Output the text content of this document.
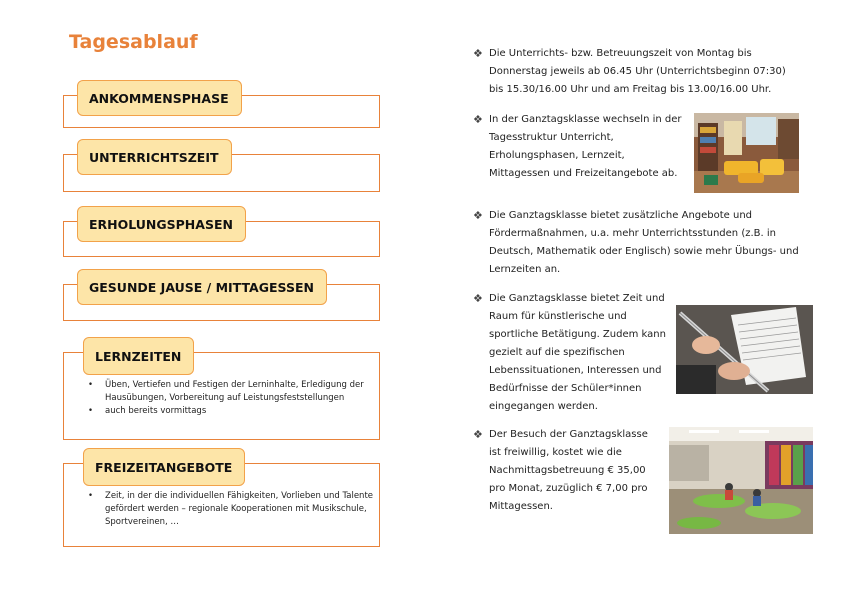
Tagesablauf
ANKOMMENSPHASE
UNTERRICHTSZEIT
ERHOLUNGSPHASEN
GESUNDE JAUSE / MITTAGESSEN
LERNZEITEN
• Üben, Vertiefen und Festigen der Lerninhalte, Erledigung der Hausübungen, Vorbereitung auf Leistungsfeststellungen
• auch bereits vormittags
FREIZEITANGEBOTE
• Zeit, in der die individuellen Fähigkeiten, Vorlieben und Talente gefördert werden – regionale Kooperationen mit Musikschule, Sportvereinen, …
❖ Die Unterrichts- bzw. Betreuungszeit von Montag bis Donnerstag jeweils ab 06.45 Uhr (Unterrichtsbeginn 07:30) bis 15.30/16.00 Uhr und am Freitag bis 13.00/16.00 Uhr.
❖ In der Ganztagsklasse wechseln in der Tagesstruktur Unterricht, Erholungsphasen, Lernzeit, Mittagessen und Freizeitangebote ab.
❖ Die Ganztagsklasse bietet zusätzliche Angebote und Fördermaßnahmen, u.a. mehr Unterrichtsstunden (z.B. in Deutsch, Mathematik oder Englisch) sowie mehr Übungs- und Lernzeiten an.
❖ Die Ganztagsklasse bietet Zeit und Raum für künstlerische und sportliche Betätigung. Zudem kann gezielt auf die spezifischen Lebenssituationen, Interessen und Bedürfnisse der Schüler*innen eingegangen werden.
❖ Der Besuch der Ganztagsklasse ist freiwillig, kostet wie die Nachmittagsbetreuung € 35,00 pro Monat, zuzüglich € 7,00 pro Mittagessen.
